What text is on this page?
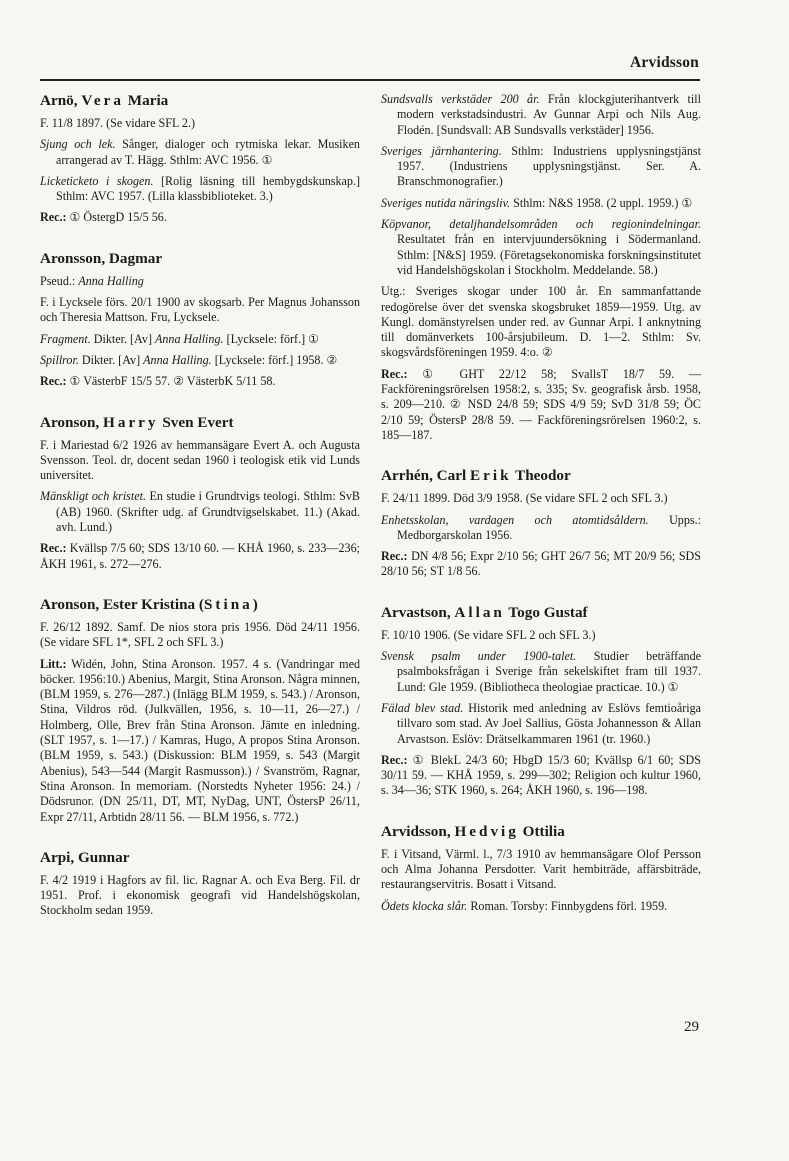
Arvidsson
Arnö, Vera Maria
F. 11/8 1897. (Se vidare SFL 2.)
Sjung och lek. Sånger, dialoger och rytmiska lekar. Musiken arrangerad av T. Hägg. Sthlm: AVC 1956. ①
Licketicketo i skogen. [Rolig läsning till hembygdskunskap.] Sthlm: AVC 1957. (Lilla klassbiblioteket. 3.)
Rec.: ① ÖstergD 15/5 56.
Aronsson, Dagmar
Pseud.: Anna Halling
F. i Lycksele förs. 20/1 1900 av skogsarb. Per Magnus Johansson och Theresia Mattson. Fru, Lycksele.
Fragment. Dikter. [Av] Anna Halling. [Lycksele: förf.] ①
Spillror. Dikter. [Av] Anna Halling. [Lycksele: förf.] 1958. ②
Rec.: ① VästerbF 15/5 57. ② VästerbK 5/11 58.
Aronson, Harry Sven Evert
F. i Mariestad 6/2 1926 av hemmansägare Evert A. och Augusta Svensson. Teol. dr, docent sedan 1960 i teologisk etik vid Lunds universitet.
Mänskligt och kristet. En studie i Grundtvigs teologi. Sthlm: SvB (AB) 1960. (Skrifter udg. af Grundtvigselskabet. 11.) (Akad. avh. Lund.)
Rec.: Kvällsp 7/5 60; SDS 13/10 60. — KHÅ 1960, s. 233—236; ÅKH 1961, s. 272—276.
Aronson, Ester Kristina (Stina)
F. 26/12 1892. Samf. De nios stora pris 1956. Död 24/11 1956. (Se vidare SFL 1*, SFL 2 och SFL 3.)
Litt.: Widén, John, Stina Aronson. 1957. 4 s. (Vandringar med böcker. 1956:10.) Abenius, Margit, Stina Aronson. Några minnen, (BLM 1959, s. 276—287.) (Inlägg BLM 1959, s. 543.) / Aronson, Stina, Vildros röd. (Julkvällen, 1956, s. 10—11, 26—27.) / Holmberg, Olle, Brev från Stina Aronson. Jämte en inledning. (SLT 1957, s. 1—17.) / Kamras, Hugo, A propos Stina Aronson. (BLM 1959, s. 543.) (Diskussion: BLM 1959, s. 543 (Margit Abenius), 543—544 (Margit Rasmusson).) / Svanström, Ragnar, Stina Aronson. In memoriam. (Norstedts Nyheter 1956: 24.) / Dödsrunor. (DN 25/11, DT, MT, NyDag, UNT, ÖstersP 26/11, Expr 27/11, Arbtidn 28/11 56. — BLM 1956, s. 772.)
Arpi, Gunnar
F. 4/2 1919 i Hagfors av fil. lic. Ragnar A. och Eva Berg. Fil. dr 1951. Prof. i ekonomisk geografi vid Handelshögskolan, Stockholm sedan 1959.
Sundsvalls verkstäder 200 år. Från klockgjuterihantverk till modern verkstadsindustri. Av Gunnar Arpi och Nils Aug. Flodén. [Sundsvall: AB Sundsvalls verkstäder] 1956.
Sveriges järnhantering. Sthlm: Industriens upplysningstjänst 1957. (Industriens upplysningstjänst. Ser. A. Branschmonografier.)
Sveriges nutida näringsliv. Sthlm: N&S 1958. (2 uppl. 1959.) ①
Köpvanor, detaljhandelsområden och regionindelningar. Resultatet från en intervjuundersökning i Södermanland. Sthlm: [N&S] 1959. (Företagsekonomiska forskningsinstitutet vid Handelshögskolan i Stockholm. Meddelande. 58.)
Utg.: Sveriges skogar under 100 år. En sammanfattande redogörelse över det svenska skogsbruket 1859—1959. Utg. av Kungl. domänstyrelsen under red. av Gunnar Arpi. I anknytning till domänverkets 100-årsjubileum. D. 1—2. Sthlm: Sv. skogsvårdsföreningen 1959. 4:o. ②
Rec.: ① GHT 22/12 58; SvallsT 18/7 59. — Fackföreningsrörelsen 1958:2, s. 335; Sv. geografisk årsb. 1958, s. 209—210. ② NSD 24/8 59; SDS 4/9 59; SvD 31/8 59; ÖC 2/10 59; ÖstersP 28/8 59. — Fackföreningsrörelsen 1960:2, s. 185—187.
Arrhén, Carl Erik Theodor
F. 24/11 1899. Död 3/9 1958. (Se vidare SFL 2 och SFL 3.)
Enhetsskolan, vardagen och atomtidsåldern. Upps.: Medborgarskolan 1956.
Rec.: DN 4/8 56; Expr 2/10 56; GHT 26/7 56; MT 20/9 56; SDS 28/10 56; ST 1/8 56.
Arvastson, Allan Togo Gustaf
F. 10/10 1906. (Se vidare SFL 2 och SFL 3.)
Svensk psalm under 1900-talet. Studier beträffande psalmboksfrågan i Sverige från sekelskiftet fram till 1937. Lund: Gle 1959. (Bibliotheca theologiae practicae. 10.) ①
Fälad blev stad. Historik med anledning av Eslövs femtioåriga tillvaro som stad. Av Joel Sallius, Gösta Johannesson & Allan Arvastson. Eslöv: Drätselkammaren 1961 (tr. 1960.)
Rec.: ① BlekL 24/3 60; HbgD 15/3 60; Kvällsp 6/1 60; SDS 30/11 59. — KHÅ 1959, s. 299—302; Religion och kultur 1960, s. 34—36; STK 1960, s. 264; ÅKH 1960, s. 196—198.
Arvidsson, Hedvig Ottilia
F. i Vitsand, Värml. l., 7/3 1910 av hemmansägare Olof Persson och Alma Johanna Persdotter. Varit hembiträde, affärsbiträde, restaurangservitris. Bosatt i Vitsand.
Ödets klocka slår. Roman. Torsby: Finnbygdens förl. 1959.
29
